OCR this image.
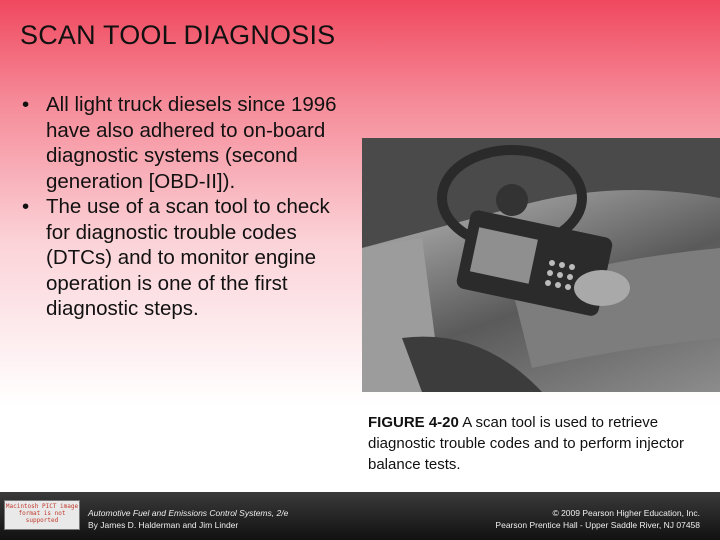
SCAN TOOL DIAGNOSIS
• All light truck diesels since 1996 have also adhered to on-board diagnostic systems (second generation [OBD-II]).
• The use of a scan tool to check for diagnostic trouble codes (DTCs) and to monitor engine operation is one of the first diagnostic steps.

FIGURE 4-20 A scan tool is used to retrieve diagnostic trouble codes and to perform injector balance tests.

Macintosh PICT image format is not supported
Automotive Fuel and Emissions Control Systems, 2/e
By James D. Halderman and Jim Linder
© 2009 Pearson Higher Education, Inc.
Pearson Prentice Hall - Upper Saddle River, NJ 07458
